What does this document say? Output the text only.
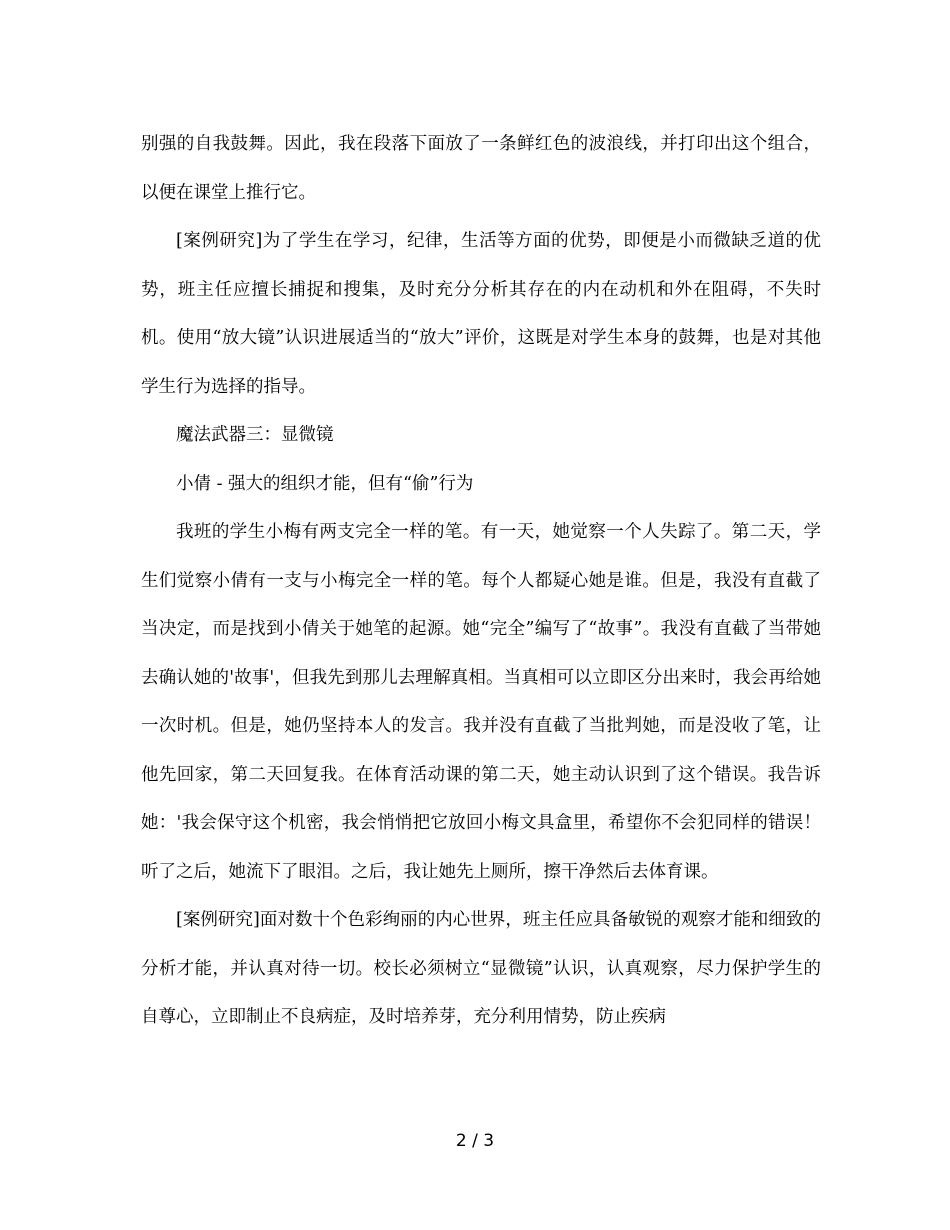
别强的自我鼓舞。因此，我在段落下面放了一条鲜红色的波浪线，并打印出这个组合，以便在课堂上推行它。

[案例研究]为了学生在学习，纪律，生活等方面的优势，即便是小而微缺乏道的优势，班主任应擅长捕捉和搜集，及时充分分析其存在的内在动机和外在阻碍，不失时机。使用“放大镜”认识进展适当的“放大”评价，这既是对学生本身的鼓舞，也是对其他学生行为选择的指导。

魔法武器三：显微镜

小倩 - 强大的组织才能，但有“偷”行为

我班的学生小梅有两支完全一样的笔。有一天，她觉察一个人失踪了。第二天，学生们觉察小倩有一支与小梅完全一样的笔。每个人都疑心她是谁。但是，我没有直截了当决定，而是找到小倩关于她笔的起源。她“完全”编写了“故事”。我没有直截了当带她去确认她的'故事'，但我先到那儿去理解真相。当真相可以立即区分出来时，我会再给她一次时机。但是，她仍坚持本人的发言。我并没有直截了当批判她，而是没收了笔，让他先回家，第二天回复我。在体育活动课的第二天，她主动认识到了这个错误。我告诉她：'我会保守这个机密，我会悄悄把它放回小梅文具盒里，希望你不会犯同样的错误！听了之后，她流下了眼泪。之后，我让她先上厕所，擦干净然后去体育课。

[案例研究]面对数十个色彩绚丽的内心世界，班主任应具备敏锐的观察才能和细致的分析才能，并认真对待一切。校长必须树立“显微镜”认识，认真观察，尽力保护学生的自尊心，立即制止不良病症，及时培养芽，充分利用情势，防止疾病

2 / 3
